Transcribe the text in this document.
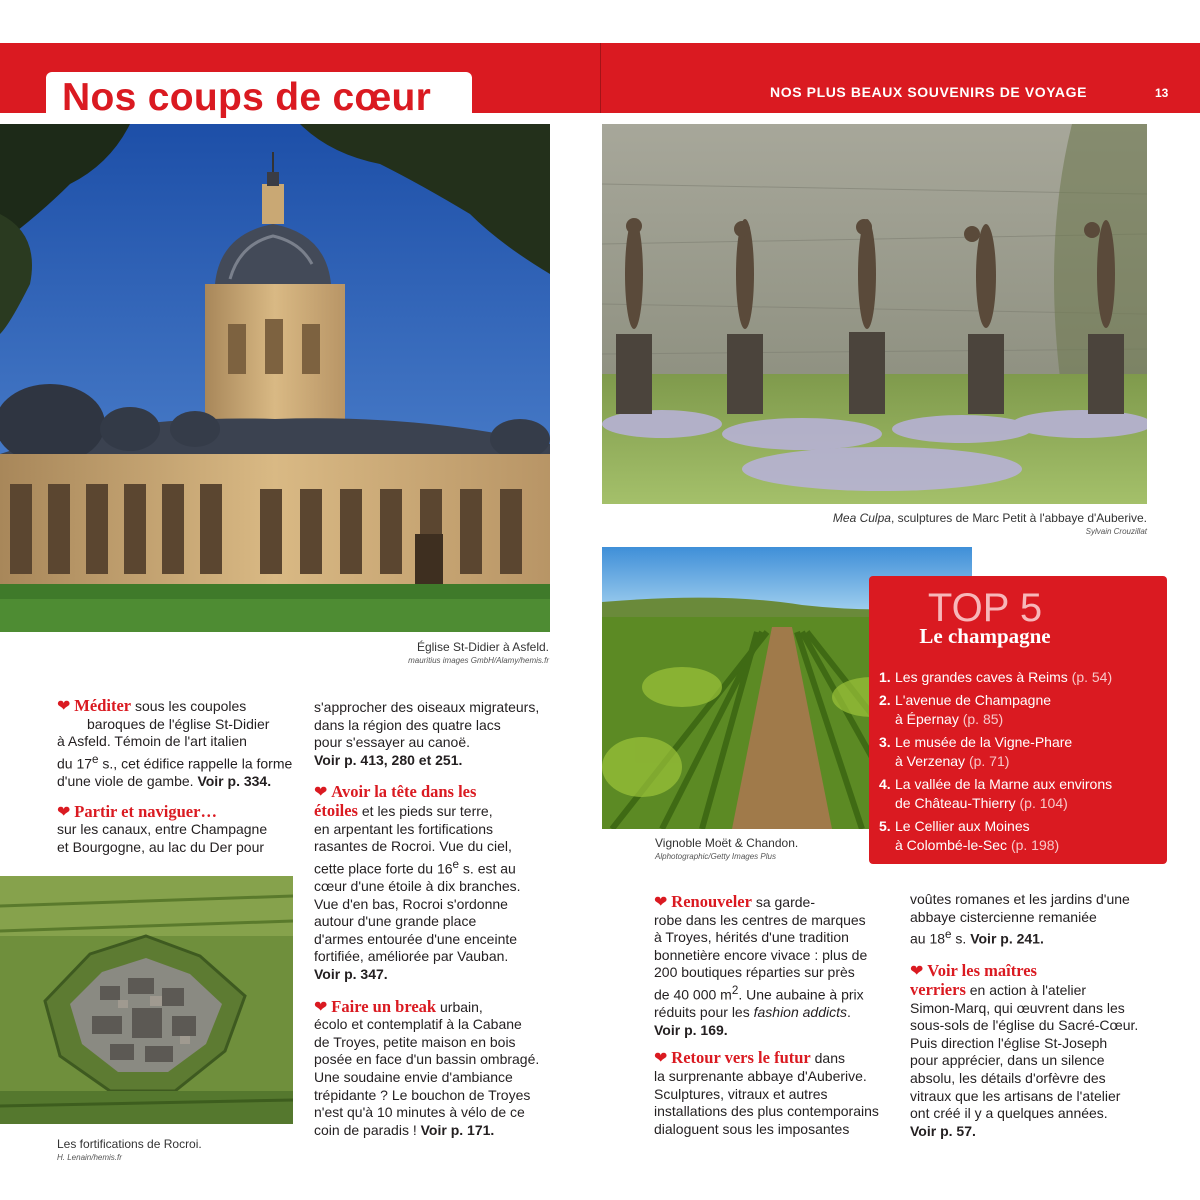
Nos coups de cœur	NOS PLUS BEAUX SOUVENIRS DE VOYAGE	13
Église St-Didier à Asfeld.
mauritius images GmbH/Alamy/hemis.fr
Les fortifications de Rocroi.
H. Lenain/hemis.fr
Mea Culpa, sculptures de Marc Petit à l'abbaye d'Auberive.
Sylvain Crouzillat
Vignoble Moët & Chandon.
Alphotographic/Getty Images Plus
TOP 5
Le champagne
1. Les grandes caves à Reims (p. 54)
2. L'avenue de Champagne
à Épernay (p. 85)
3. Le musée de la Vigne-Phare
à Verzenay (p. 71)
4. La vallée de la Marne aux environs
de Château-Thierry (p. 104)
5. Le Cellier aux Moines
à Colombé-le-Sec (p. 198)
❤ Méditer sous les coupoles
baroques de l'église St-Didier
à Asfeld. Témoin de l'art italien
du 17e s., cet édifice rappelle la forme
d'une viole de gambe. Voir p. 334.
❤ Partir et naviguer…
sur les canaux, entre Champagne
et Bourgogne, au lac du Der pour
s'approcher des oiseaux migrateurs,
dans la région des quatre lacs
pour s'essayer au canoë.
Voir p. 413, 280 et 251.
❤ Avoir la tête dans les
étoiles et les pieds sur terre,
en arpentant les fortifications
rasantes de Rocroi. Vue du ciel,
cette place forte du 16e s. est au
cœur d'une étoile à dix branches.
Vue d'en bas, Rocroi s'ordonne
autour d'une grande place
d'armes entourée d'une enceinte
fortifiée, améliorée par Vauban.
Voir p. 347.
❤ Faire un break urbain,
écolo et contemplatif à la Cabane
de Troyes, petite maison en bois
posée en face d'un bassin ombragé.
Une soudaine envie d'ambiance
trépidante ? Le bouchon de Troyes
n'est qu'à 10 minutes à vélo de ce
coin de paradis ! Voir p. 171.
❤ Renouveler sa garde-
robe dans les centres de marques
à Troyes, hérités d'une tradition
bonnetière encore vivace : plus de
200 boutiques réparties sur près
de 40 000 $m^2$. Une aubaine à prix
réduits pour les fashion addicts.
Voir p. 169.
❤ Retour vers le futur dans
la surprenante abbaye d'Auberive.
Sculptures, vitraux et autres
installations des plus contemporains
dialoguent sous les imposantes
voûtes romanes et les jardins d'une
abbaye cistercienne remaniée
au 18e s. Voir p. 241.
❤ Voir les maîtres
verriers en action à l'atelier
Simon-Marq, qui œuvrent dans les
sous-sols de l'église du Sacré-Cœur.
Puis direction l'église St-Joseph
pour apprécier, dans un silence
absolu, les détails d'orfèvre des
vitraux que les artisans de l'atelier
ont créé il y a quelques années.
Voir p. 57.
